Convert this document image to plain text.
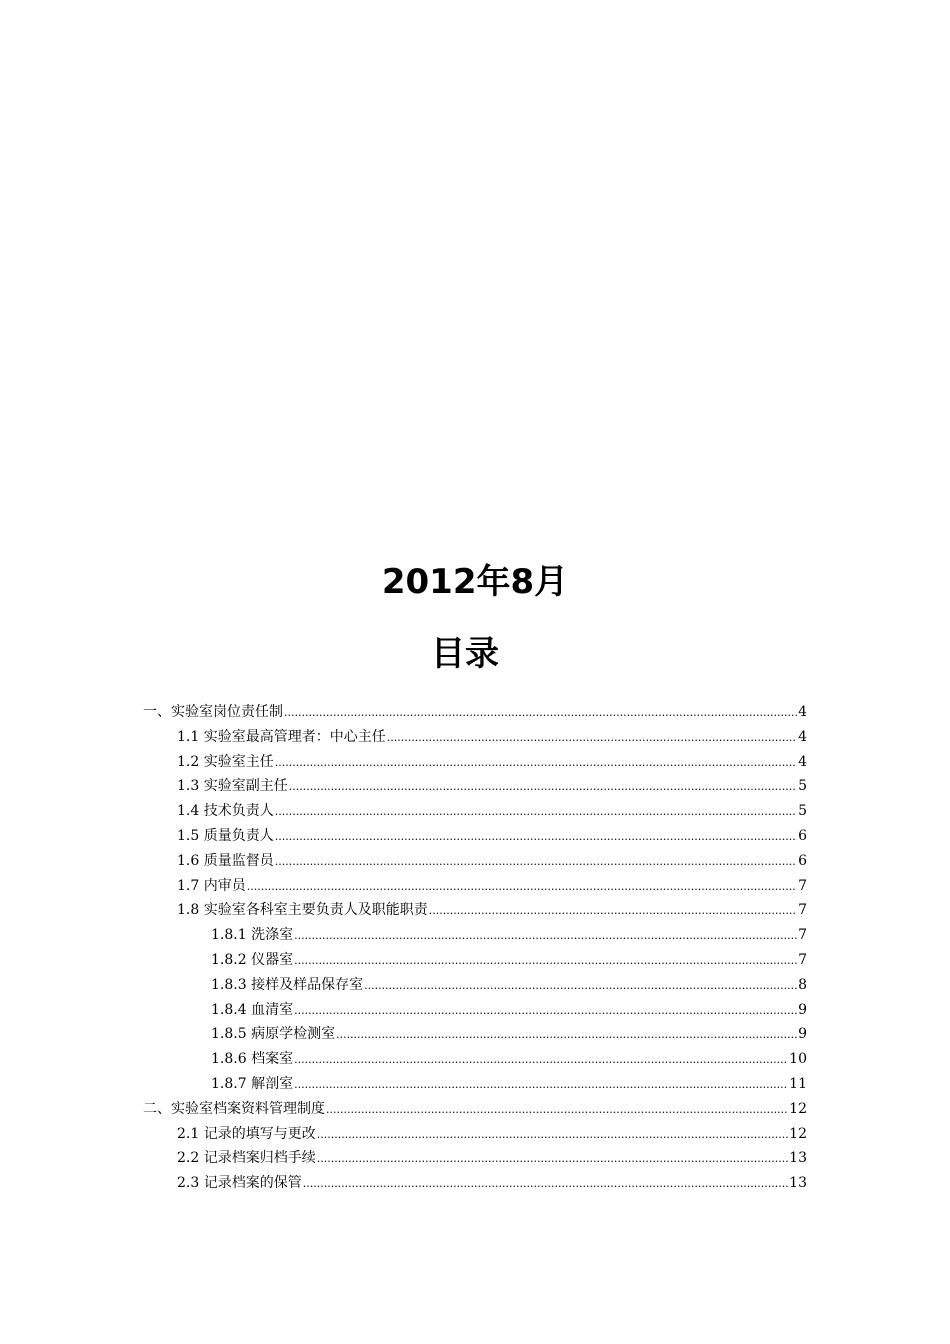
2012年8月
目录
一、实验室岗位责任制 .....	4
1.1 实验室最高管理者：中心主任 .....	4
1.2 实验室主任 .....	4
1.3 实验室副主任 .....	5
1.4 技术负责人 .....	5
1.5 质量负责人 .....	6
1.6 质量监督员 .....	6
1.7 内审员 .....	7
1.8 实验室各科室主要负责人及职能职责 .....	7
1.8.1 洗涤室 .....	7
1.8.2 仪器室 .....	7
1.8.3 接样及样品保存室 .....	8
1.8.4 血清室 .....	9
1.8.5 病原学检测室 .....	9
1.8.6 档案室 .....	10
1.8.7 解剖室 .....	11
二、实验室档案资料管理制度 .....	12
2.1 记录的填写与更改 .....	12
2.2 记录档案归档手续 .....	13
2.3 记录档案的保管 .....	13
